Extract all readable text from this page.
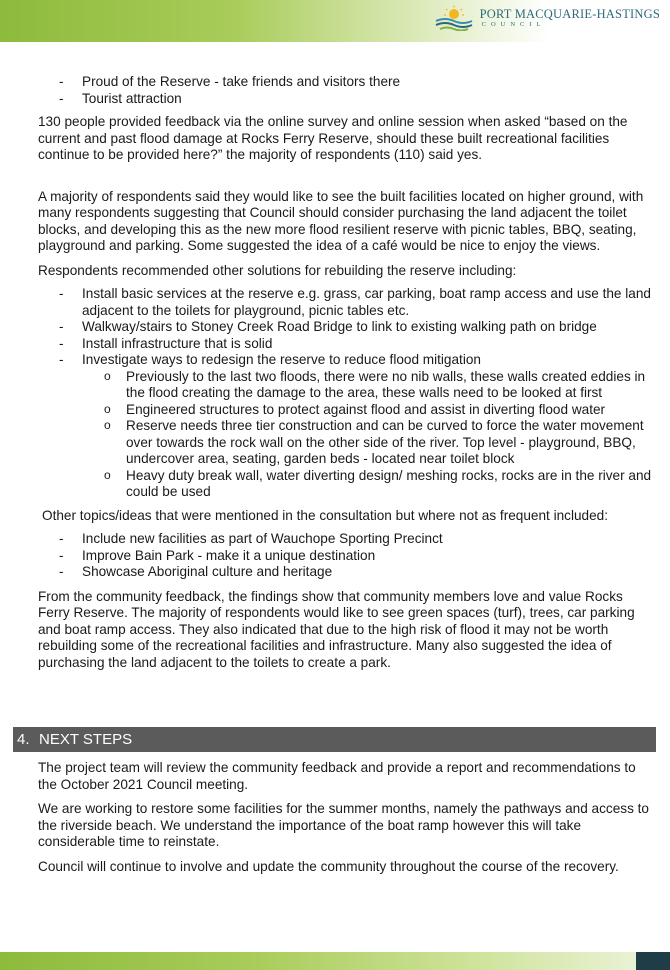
PORT MACQUARIE-HASTINGS
COUNCIL
- Proud of the Reserve - take friends and visitors there
- Tourist attraction

130 people provided feedback via the online survey and online session when asked “based on the current and past flood damage at Rocks Ferry Reserve, should these built recreational facilities continue to be provided here?” the majority of respondents (110) said yes.

A majority of respondents said they would like to see the built facilities located on higher ground, with many respondents suggesting that Council should consider purchasing the land adjacent the toilet blocks, and developing this as the new more flood resilient reserve with picnic tables, BBQ, seating, playground and parking. Some suggested the idea of a café would be nice to enjoy the views.

Respondents recommended other solutions for rebuilding the reserve including:

- Install basic services at the reserve e.g. grass, car parking, boat ramp access and use the land adjacent to the toilets for playground, picnic tables etc.
- Walkway/stairs to Stoney Creek Road Bridge to link to existing walking path on bridge
- Install infrastructure that is solid
- Investigate ways to redesign the reserve to reduce flood mitigation
o Previously to the last two floods, there were no nib walls, these walls created eddies in the flood creating the damage to the area, these walls need to be looked at first
o Engineered structures to protect against flood and assist in diverting flood water
o Reserve needs three tier construction and can be curved to force the water movement over towards the rock wall on the other side of the river. Top level - playground, BBQ, undercover area, seating, garden beds - located near toilet block
o Heavy duty break wall, water diverting design/ meshing rocks, rocks are in the river and could be used

Other topics/ideas that were mentioned in the consultation but where not as frequent included:

- Include new facilities as part of Wauchope Sporting Precinct
- Improve Bain Park - make it a unique destination
- Showcase Aboriginal culture and heritage

From the community feedback, the findings show that community members love and value Rocks Ferry Reserve. The majority of respondents would like to see green spaces (turf), trees, car parking and boat ramp access. They also indicated that due to the high risk of flood it may not be worth rebuilding some of the recreational facilities and infrastructure. Many also suggested the idea of purchasing the land adjacent to the toilets to create a park.

4. NEXT STEPS

The project team will review the community feedback and provide a report and recommendations to the October 2021 Council meeting.

We are working to restore some facilities for the summer months, namely the pathways and access to the riverside beach. We understand the importance of the boat ramp however this will take considerable time to reinstate.

Council will continue to involve and update the community throughout the course of the recovery.
